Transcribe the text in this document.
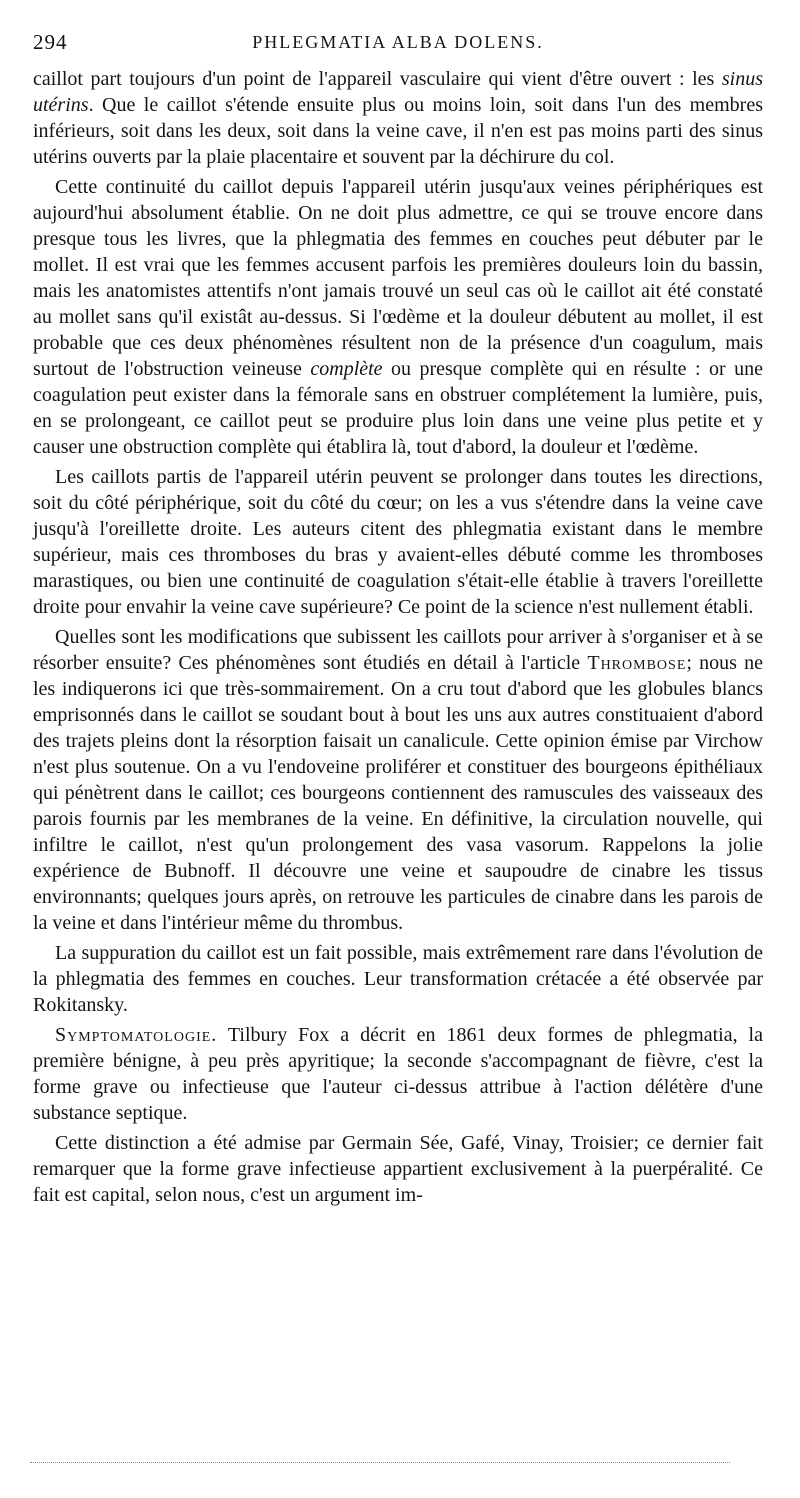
294	PHLEGMATIA ALBA DOLENS.

caillot part toujours d'un point de l'appareil vasculaire qui vient d'être ouvert : les sinus utérins. Que le caillot s'étende ensuite plus ou moins loin, soit dans l'un des membres inférieurs, soit dans les deux, soit dans la veine cave, il n'en est pas moins parti des sinus utérins ouverts par la plaie placentaire et souvent par la déchirure du col.

Cette continuité du caillot depuis l'appareil utérin jusqu'aux veines périphériques est aujourd'hui absolument établie. On ne doit plus admettre, ce qui se trouve encore dans presque tous les livres, que la phlegmatia des femmes en couches peut débuter par le mollet. Il est vrai que les femmes accusent parfois les premières douleurs loin du bassin, mais les anatomistes attentifs n'ont jamais trouvé un seul cas où le caillot ait été constaté au mollet sans qu'il existât au-dessus. Si l'œdème et la douleur débutent au mollet, il est probable que ces deux phénomènes résultent non de la présence d'un coagulum, mais surtout de l'obstruction veineuse complète ou presque complète qui en résulte : or une coagulation peut exister dans la fémorale sans en obstruer complétement la lumière, puis, en se prolongeant, ce caillot peut se produire plus loin dans une veine plus petite et y causer une obstruction complète qui établira là, tout d'abord, la douleur et l'œdème.

Les caillots partis de l'appareil utérin peuvent se prolonger dans toutes les directions, soit du côté périphérique, soit du côté du cœur; on les a vus s'étendre dans la veine cave jusqu'à l'oreillette droite. Les auteurs citent des phlegmatia existant dans le membre supérieur, mais ces thromboses du bras y avaient-elles débuté comme les thromboses marastiques, ou bien une continuité de coagulation s'était-elle établie à travers l'oreillette droite pour envahir la veine cave supérieure? Ce point de la science n'est nullement établi.

Quelles sont les modifications que subissent les caillots pour arriver à s'organiser et à se résorber ensuite? Ces phénomènes sont étudiés en détail à l'article Thrombose; nous ne les indiquerons ici que très-sommairement. On a cru tout d'abord que les globules blancs emprisonnés dans le caillot se soudant bout à bout les uns aux autres constituaient d'abord des trajets pleins dont la résorption faisait un canalicule. Cette opinion émise par Virchow n'est plus soutenue. On a vu l'endoveine proliférer et constituer des bourgeons épithéliaux qui pénètrent dans le caillot; ces bourgeons contiennent des ramuscules des vaisseaux des parois fournis par les membranes de la veine. En définitive, la circulation nouvelle, qui infiltre le caillot, n'est qu'un prolongement des vasa vasorum. Rappelons la jolie expérience de Bubnoff. Il découvre une veine et saupoudre de cinabre les tissus environnants; quelques jours après, on retrouve les particules de cinabre dans les parois de la veine et dans l'intérieur même du thrombus.

La suppuration du caillot est un fait possible, mais extrêmement rare dans l'évolution de la phlegmatia des femmes en couches. Leur transformation crétacée a été observée par Rokitansky.

Symptomatologie. Tilbury Fox a décrit en 1861 deux formes de phlegmatia, la première bénigne, à peu près apyritique; la seconde s'accompagnant de fièvre, c'est la forme grave ou infectieuse que l'auteur ci-dessus attribue à l'action délétère d'une substance septique.

Cette distinction a été admise par Germain Sée, Gafé, Vinay, Troisier; ce dernier fait remarquer que la forme grave infectieuse appartient exclusivement à la puerpéralité. Ce fait est capital, selon nous, c'est un argument im-
